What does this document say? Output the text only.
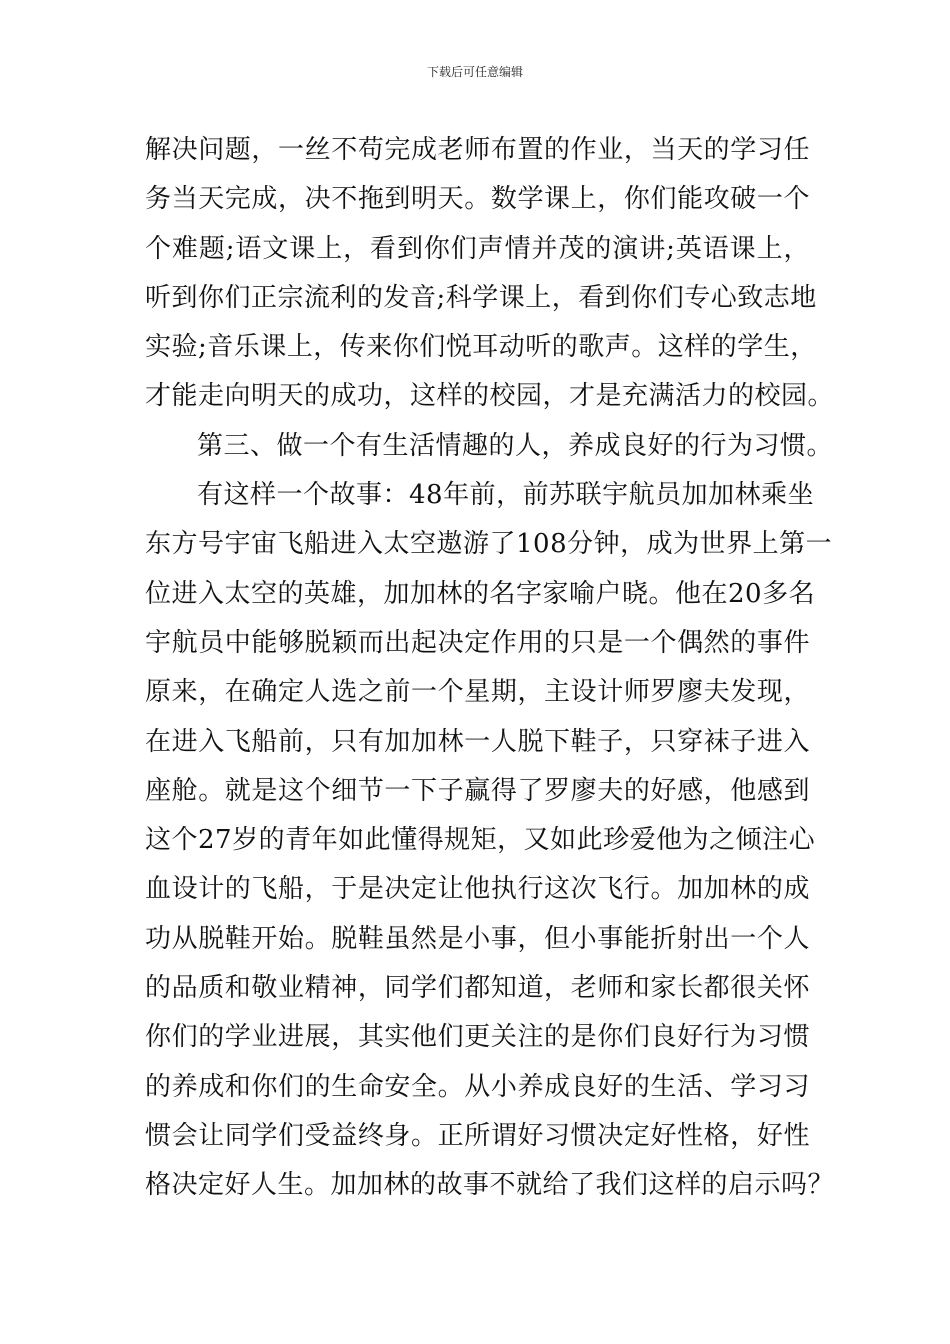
下载后可任意编辑
解决问题，一丝不苟完成老师布置的作业，当天的学习任
务当天完成，决不拖到明天。数学课上，你们能攻破一个
个难题;语文课上，看到你们声情并茂的演讲;英语课上，
听到你们正宗流利的发音;科学课上，看到你们专心致志地
实验;音乐课上，传来你们悦耳动听的歌声。这样的学生，
才能走向明天的成功，这样的校园，才是充满活力的校园。
第三、做一个有生活情趣的人，养成良好的行为习惯。
有这样一个故事：48年前，前苏联宇航员加加林乘坐
东方号宇宙飞船进入太空遨游了108分钟，成为世界上第一
位进入太空的英雄，加加林的名字家喻户晓。他在20多名
宇航员中能够脱颖而出起决定作用的只是一个偶然的事件
原来，在确定人选之前一个星期，主设计师罗廖夫发现，
在进入飞船前，只有加加林一人脱下鞋子，只穿袜子进入
座舱。就是这个细节一下子赢得了罗廖夫的好感，他感到
这个27岁的青年如此懂得规矩，又如此珍爱他为之倾注心
血设计的飞船，于是决定让他执行这次飞行。加加林的成
功从脱鞋开始。脱鞋虽然是小事，但小事能折射出一个人
的品质和敬业精神，同学们都知道，老师和家长都很关怀
你们的学业进展，其实他们更关注的是你们良好行为习惯
的养成和你们的生命安全。从小养成良好的生活、学习习
惯会让同学们受益终身。正所谓好习惯决定好性格，好性
格决定好人生。加加林的故事不就给了我们这样的启示吗？
